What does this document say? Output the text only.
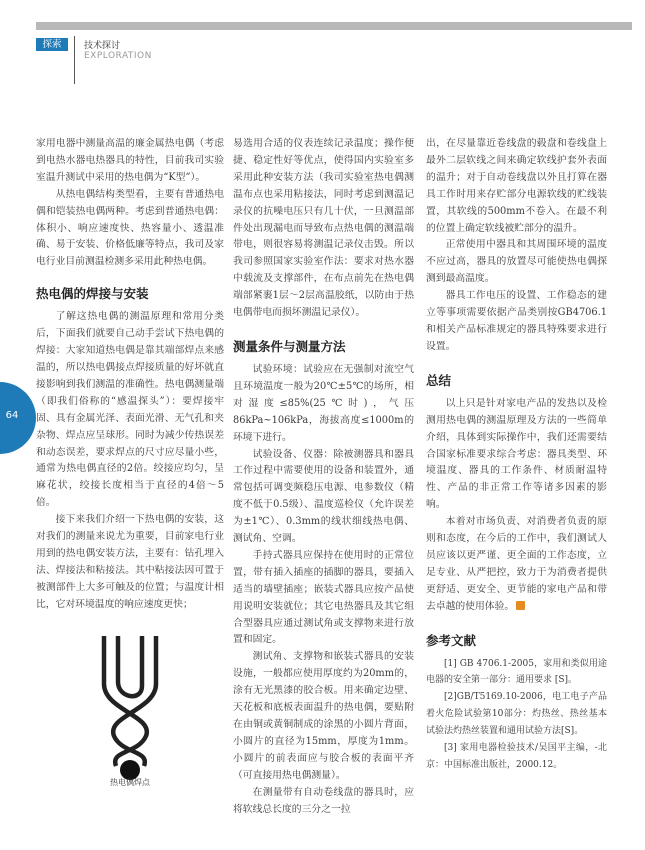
探索	技术探讨
EXPLORATION
64

家用电器中测量高温的廉金属热电偶（考虑到电热水器电热器具的特性，目前我司实验室温升测试中采用的热电偶为“K型”）。

从热电偶结构类型看，主要有普通热电偶和铠装热电偶两种。考虑到普通热电偶：体积小、响应速度快、热容量小、透温准确、易于安装、价格低廉等特点，我司及家电行业目前测温检测多采用此种热电偶。

热电偶的焊接与安装

了解这热电偶的测温原理和常用分类后，下面我们就要自己动手尝试下热电偶的焊接：大家知道热电偶是靠其端部焊点来感温的，所以热电偶接点焊接质量的好坏就直接影响到我们测温的准确性。热电偶测量端（即我们俗称的“感温探头”）：要焊接牢固、具有金属光泽、表面光滑、无气孔和夹杂物、焊点应呈球形。同时为减少传热误差和动态误差，要求焊点的尺寸应尽量小些，通常为热电偶直径的2倍。绞接应均匀，呈麻花状，绞接长度相当于直径的4倍～5倍。

接下来我们介绍一下热电偶的安装，这对我们的测量来说尤为重要，目前家电行业用到的热电偶安装方法，主要有：钻孔埋入法、焊接法和粘接法。其中粘接法因可置于被测部件上大多可触及的位置；与温度计相比，它对环境温度的响应速度更快；

热电偶焊点

易选用合适的仪表连续记录温度；操作便捷、稳定性好等优点，使得国内实验室多采用此种安装方法（我司实验室热电偶测温布点也采用粘接法，同时考虑到测温记录仪的抗噪电压只有几十伏，一旦测温部件处出现漏电而导致布点热电偶的测温端带电，则很容易将测温记录仪击毁。所以我司参照国家实验室作法：要求对热水器中载流及支撑部件，在布点前先在热电偶端部紧裹1层～2层高温胶纸，以防由于热电偶带电而损坏测温记录仪）。

测量条件与测量方法

试验环境：试验应在无强制对流空气且环境温度一般为20℃±5℃的场所，相对湿度≤85%(25℃时)，气压86kPa~106kPa，海拔高度≤1000m的环境下进行。

试验设备、仪器：除被测器具和器具工作过程中需要使用的设备和装置外，通常包括可调变频稳压电源、电参数仪（精度不低于0.5级）、温度巡检仪（允许误差为±1℃）、0.3mm的线状细线热电偶、测试角、空调。

手持式器具应保持在使用时的正常位置，带有插入插座的插脚的器具，要插入适当的墙壁插座；嵌装式器具应按产品使用说明安装就位；其它电热器具及其它组合型器具应通过测试角或支撑物来进行放置和固定。

测试角、支撑物和嵌装式器具的安装设施，一般都应使用厚度约为20mm的，涂有无光黑漆的胶合板。用来确定边壁、天花板和底板表面温升的热电偶，要贴附在由铜或黄铜制成的涂黑的小圆片背面，小圆片的直径为15mm，厚度为1mm。小圆片的前表面应与胶合板的表面平齐（可直接用热电偶测量）。

在测量带有自动卷线盘的器具时，应将软线总长度的三分之一拉

出，在尽量靠近卷线盘的毂盘和卷线盘上最外二层软线之间来确定软线护套外表面的温升；对于自动卷线盘以外且打算在器具工作时用来存贮部分电源软线的贮线装置，其软线的500mm不卷入。在最不利的位置上确定软线被贮部分的温升。

正常使用中器具和其周围环境的温度不应过高，器具的放置尽可能使热电偶探测到最高温度。

器具工作电压的设置、工作稳态的建立等事项需要依据产品类别按GB4706.1和相关产品标准规定的器具特殊要求进行设置。

总结

以上只是针对家电产品的发热以及检测用热电偶的测温原理及方法的一些简单介绍，具体到实际操作中，我们还需要结合国家标准要求综合考虑：器具类型、环境温度、器具的工作条件、材质耐温特性、产品的非正常工作等诸多因素的影响。

本着对市场负责、对消费者负责的原则和态度，在今后的工作中，我们测试人员应该以更严谨、更全面的工作态度，立足专业、从严把控，致力于为消费者提供更舒适、更安全、更节能的家电产品和带去卓越的使用体验。

参考文献

[1] GB 4706.1-2005，家用和类似用途电器的安全第一部分：通用要求 [S]。

[2]GB/T5169.10-2006，电工电子产品着火危险试验第10部分：灼热丝、热丝基本试验法灼热丝装置和通用试验方法[S]。

[3] 家用电器检验技术/吴国平主编，-北京：中国标准出版社，2000.12。
